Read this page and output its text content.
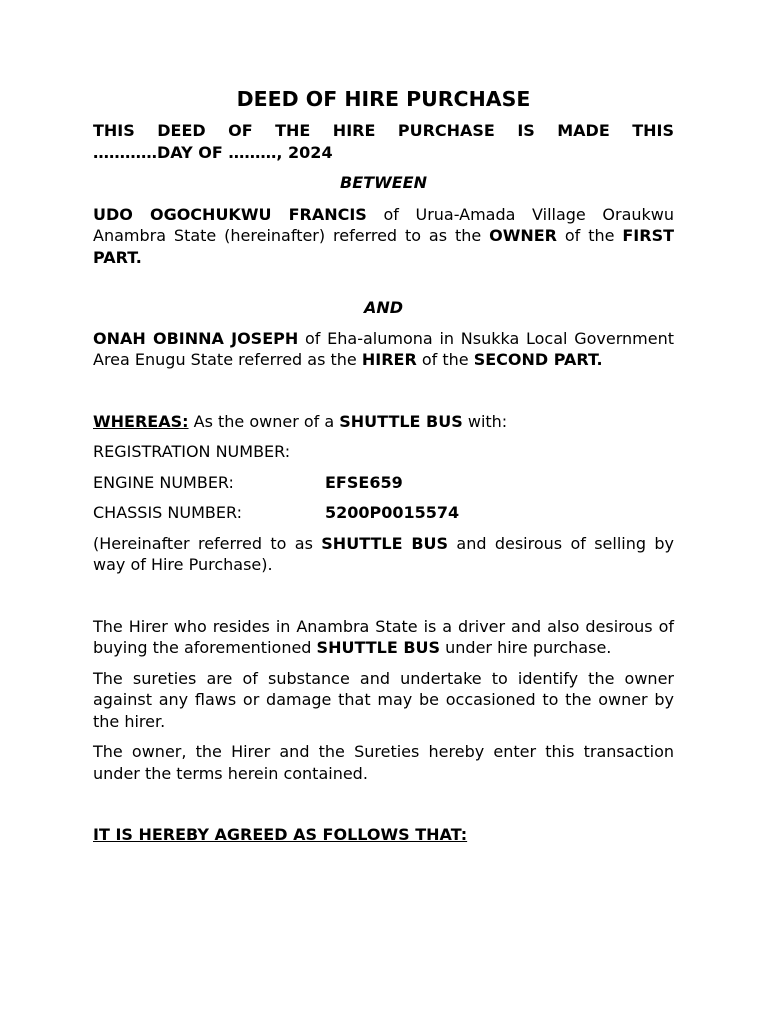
DEED OF HIRE PURCHASE

THIS DEED OF THE HIRE PURCHASE IS MADE THIS

…………DAY OF ………, 2024

BETWEEN

UDO OGOCHUKWU FRANCIS of Urua-Amada Village Oraukwu Anambra State (hereinafter) referred to as the OWNER of the FIRST PART.

AND

ONAH OBINNA JOSEPH of Eha-alumona in Nsukka Local Government Area Enugu State referred as the HIRER of the SECOND PART.

WHEREAS: As the owner of a SHUTTLE BUS with:

REGISTRATION NUMBER:
ENGINE NUMBER:	EFSE659
CHASSIS NUMBER:	5200P0015574

(Hereinafter referred to as SHUTTLE BUS and desirous of selling by way of Hire Purchase).

The Hirer who resides in Anambra State is a driver and also desirous of buying the aforementioned SHUTTLE BUS under hire purchase.

The sureties are of substance and undertake to identify the owner against any flaws or damage that may be occasioned to the owner by the hirer.

The owner, the Hirer and the Sureties hereby enter this transaction under the terms herein contained.

IT IS HEREBY AGREED AS FOLLOWS THAT:
